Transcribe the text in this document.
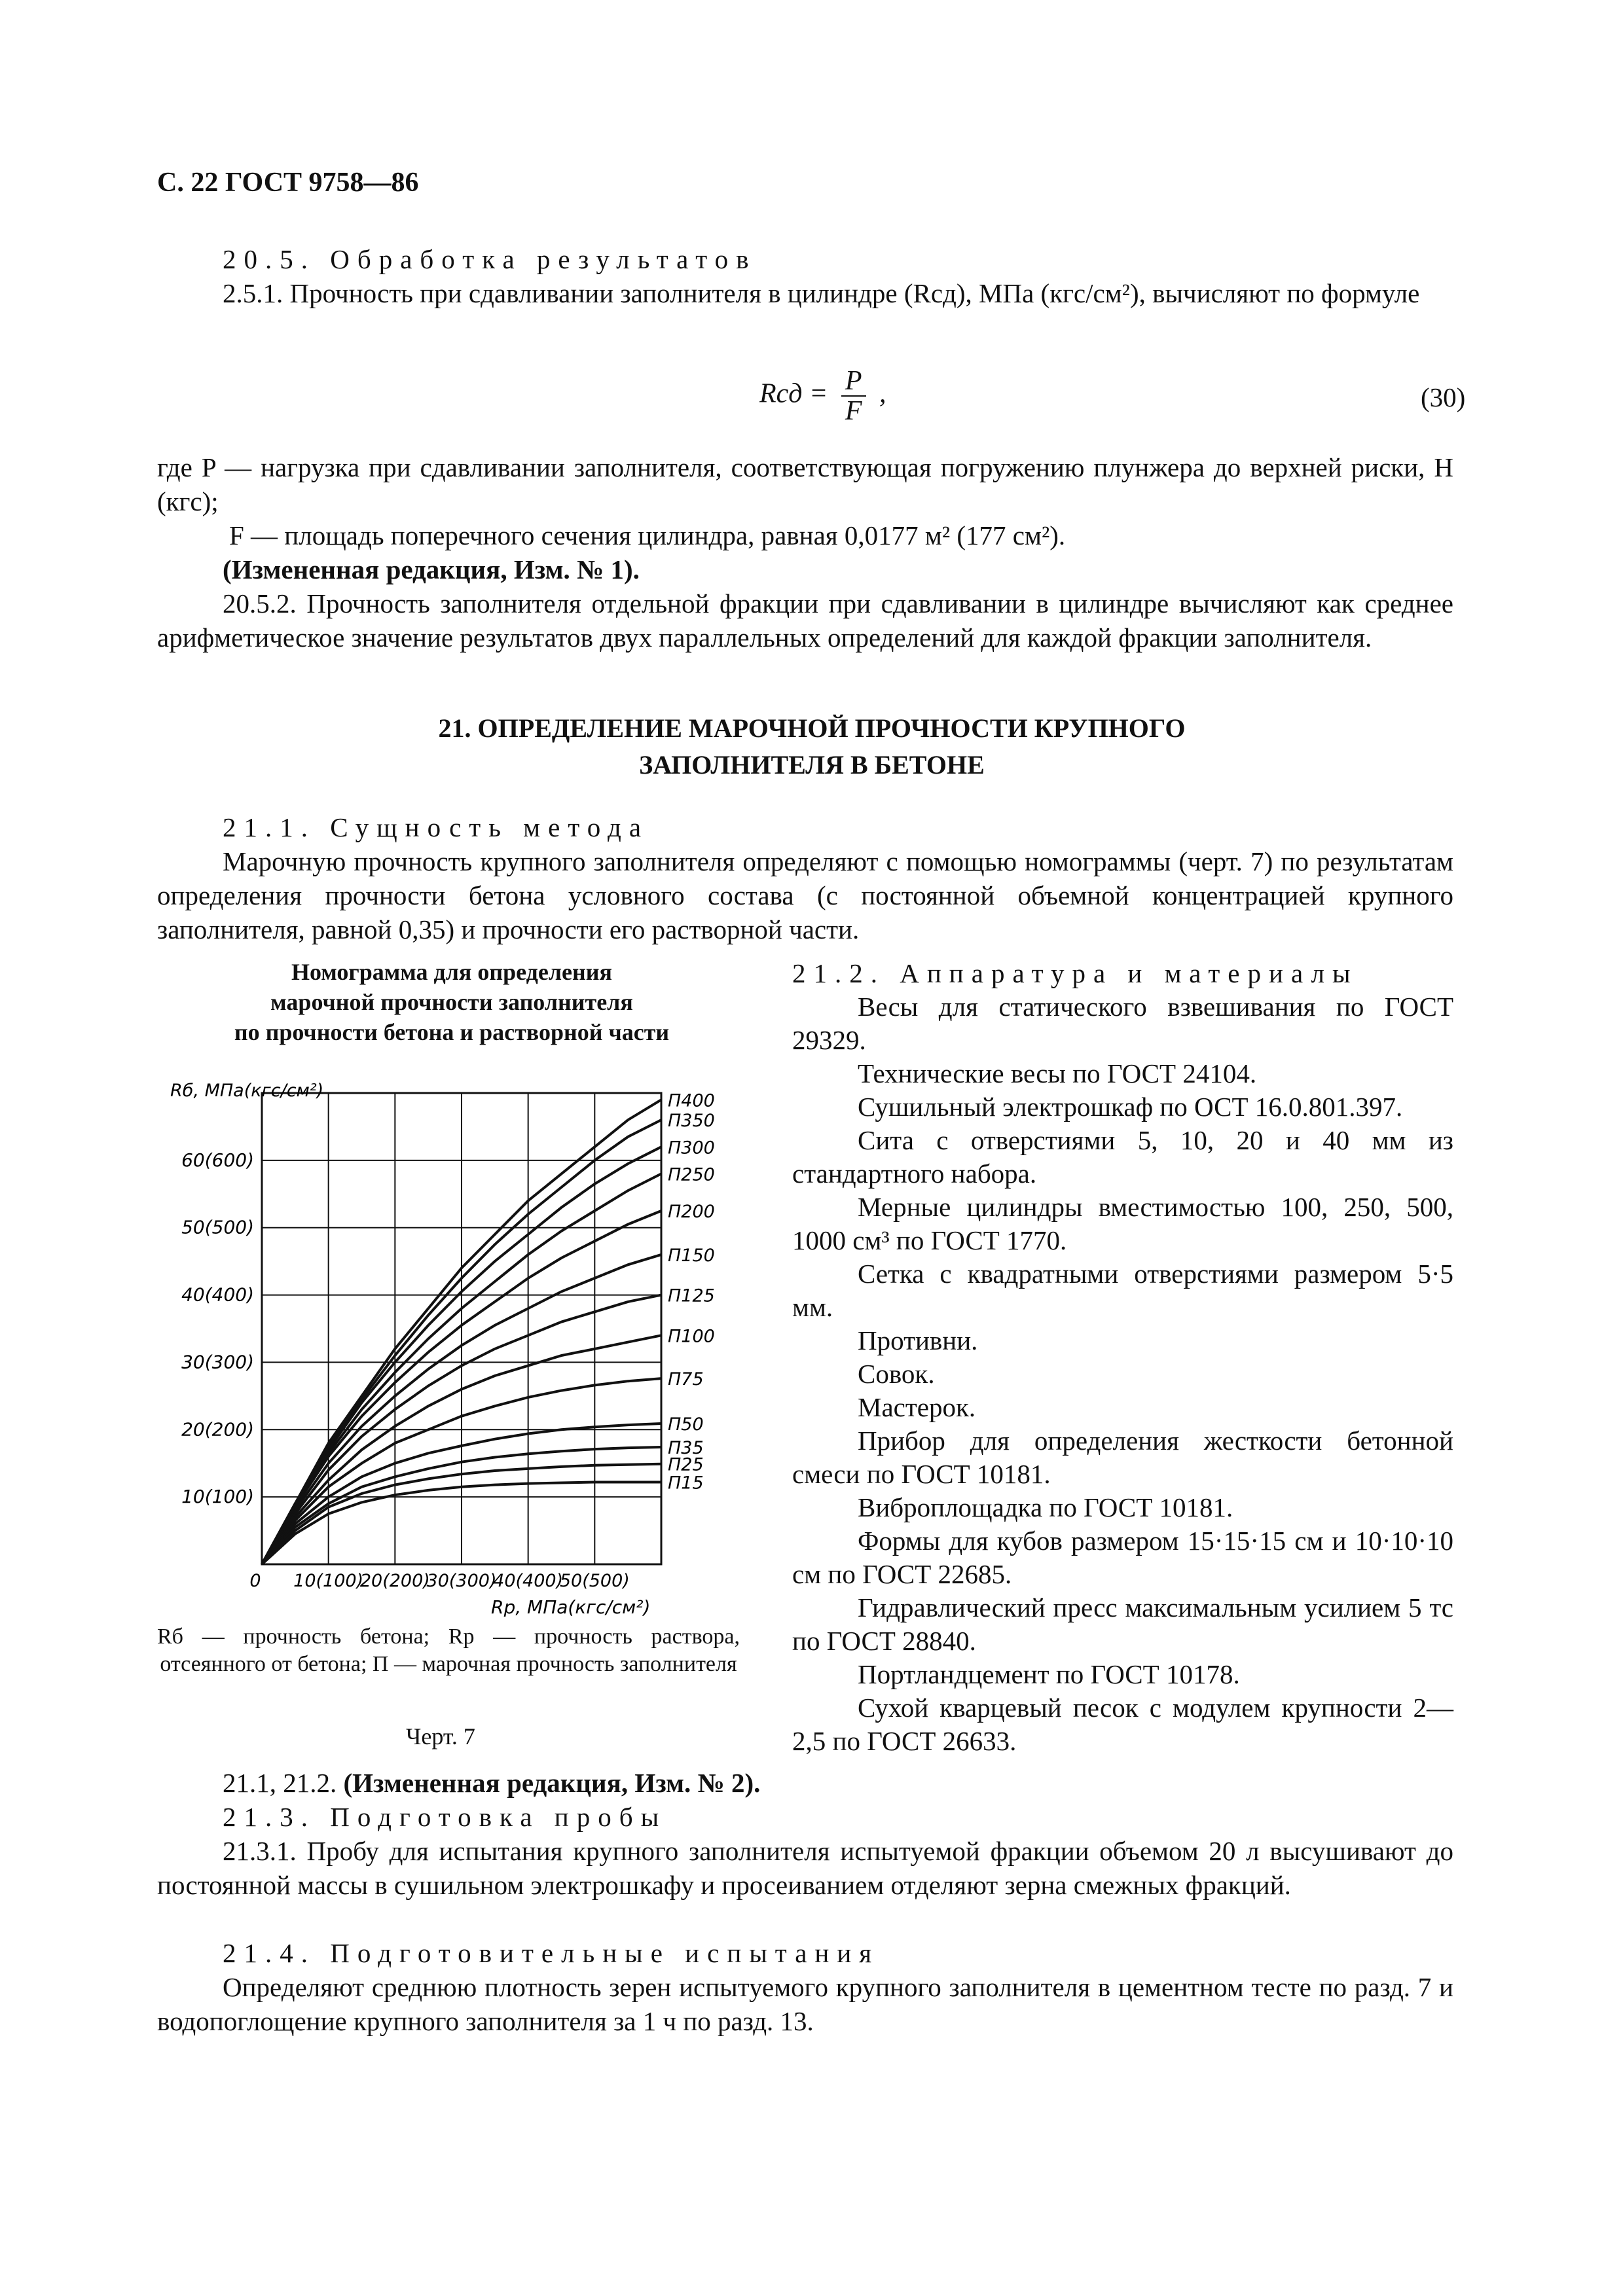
С. 22 ГОСТ 9758—86
20.5. Обработка результатов
2.5.1. Прочность при сдавливании заполнителя в цилиндре (Rсд), МПа (кгс/см²), вычисляют по формуле
Rсд = $\frac{P}{F}$ ,	(30)
где P — нагрузка при сдавливании заполнителя, соответствующая погружению плунжера до верхней риски, Н (кгс);
F — площадь поперечного сечения цилиндра, равная 0,0177 м² (177 см²).
(Измененная редакция, Изм. № 1).
20.5.2. Прочность заполнителя отдельной фракции при сдавливании в цилиндре вычисляют как среднее арифметическое значение результатов двух параллельных определений для каждой фракции заполнителя.
21. ОПРЕДЕЛЕНИЕ МАРОЧНОЙ ПРОЧНОСТИ КРУПНОГО
ЗАПОЛНИТЕЛЯ В БЕТОНЕ
21.1. Сущность метода
Марочную прочность крупного заполнителя определяют с помощью номограммы (черт. 7) по результатам определения прочности бетона условного состава (с постоянной объемной концентрацией крупного заполнителя, равной 0,35) и прочности его растворной части.
Номограмма для определения
марочной прочности заполнителя
по прочности бетона и растворной части
10(100)
20(200)
30(300)
40(400)
50(500)
60(600)
0 10(100)
20(200)
30(300)
40(400)
50(500)
П400
П350
П300
П250
П200
П150
П125
П100
П75
П50
П35
П25
П15
Rб, МПа(кгс/см²)
Rр, МПа(кгс/см²)
Rб — прочность бетона; Rр — прочность раствора, отсеянного от бетона; П — марочная прочность заполнителя
Черт. 7

21.2. Аппаратура и материалы

Весы для статического взвешивания по ГОСТ 29329.

Технические весы по ГОСТ 24104.

Сушильный электрошкаф по ОСТ 16.0.801.397.

Сита с отверстиями 5, 10, 20 и 40 мм из стандартного набора.

Мерные цилиндры вместимостью 100, 250, 500, 1000 см³ по ГОСТ 1770.

Сетка с квадратными отверстиями размером 5·5 мм.

Противни.

Совок.

Мастерок.

Прибор для определения жесткости бетонной смеси по ГОСТ 10181.

Виброплощадка по ГОСТ 10181.

Формы для кубов размером 15·15·15 см и 10·10·10 см по ГОСТ 22685.

Гидравлический пресс максимальным усилием 5 тс по ГОСТ 28840.

Портландцемент по ГОСТ 10178.

Сухой кварцевый песок с модулем крупности 2—2,5 по ГОСТ 26633.

21.1, 21.2. (Измененная редакция, Изм. № 2).
21.3. Подготовка пробы
21.3.1. Пробу для испытания крупного заполнителя испытуемой фракции объемом 20 л высушивают до постоянной массы в сушильном электрошкафу и просеиванием отделяют зерна смежных фракций.
21.4. Подготовительные испытания
Определяют среднюю плотность зерен испытуемого крупного заполнителя в цементном тесте по разд. 7 и водопоглощение крупного заполнителя за 1 ч по разд. 13.
